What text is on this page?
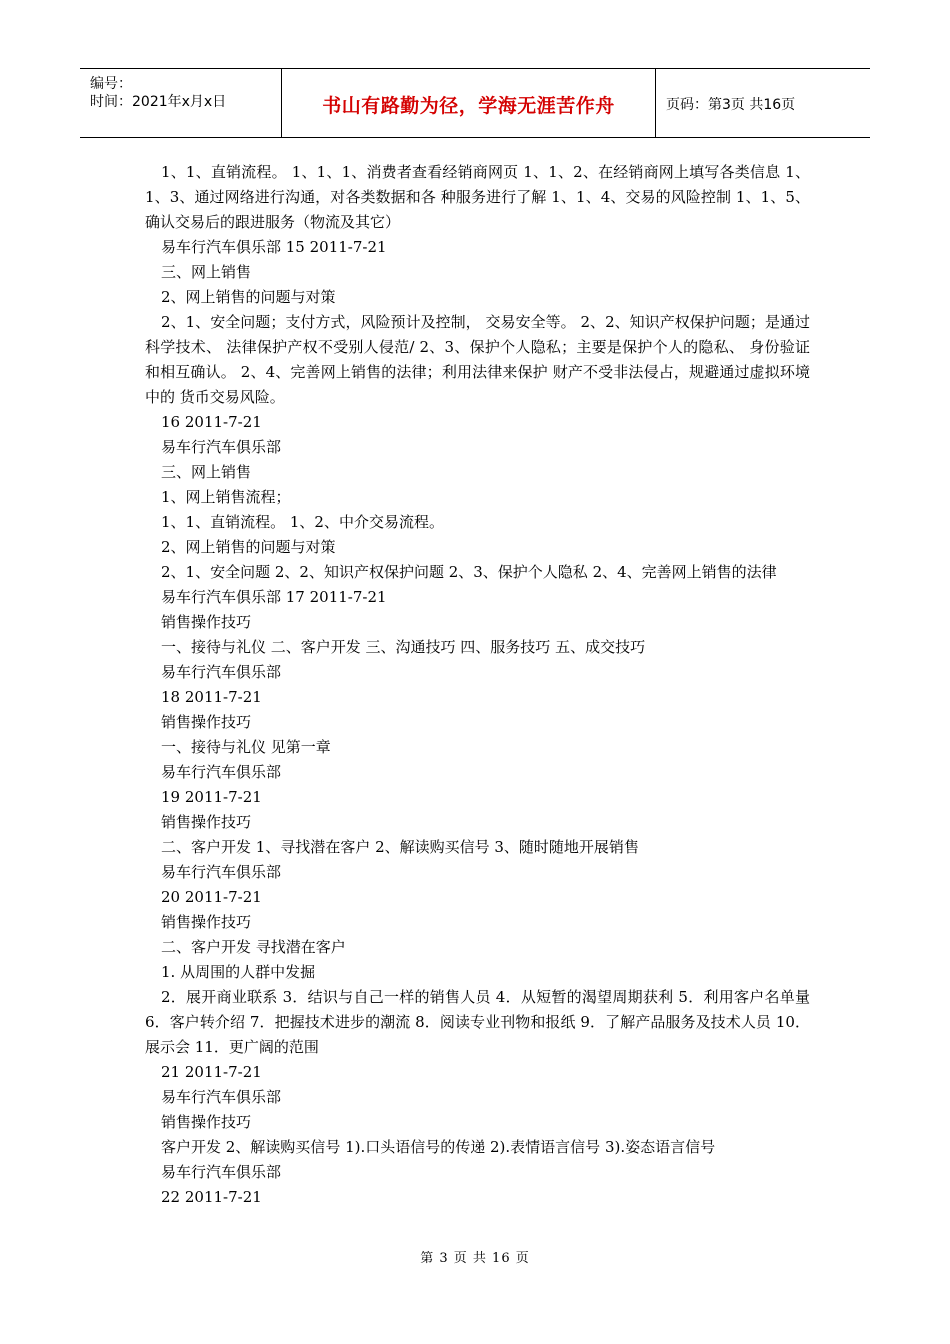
编号：
时间：2021年x月x日	书山有路勤为径，学海无涯苦作舟	页码：第3页 共16页

1、1、直销流程。 1、1、1、消费者查看经销商网页 1、1、2、在经销商网上填写各类信息 1、1、3、通过网络进行沟通，对各类数据和各 种服务进行了解 1、1、4、交易的风险控制 1、1、5、确认交易后的跟进服务（物流及其它）

易车行汽车俱乐部 15 2011-7-21

三、网上销售

2、网上销售的问题与对策

2、1、安全问题；支付方式，风险预计及控制， 交易安全等。 2、2、知识产权保护问题；是通过科学技术、 法律保护产权不受别人侵范/ 2、3、保护个人隐私；主要是保护个人的隐私、 身份验证和相互确认。 2、4、完善网上销售的法律；利用法律来保护 财产不受非法侵占，规避通过虚拟环境中的 货币交易风险。

16 2011-7-21

易车行汽车俱乐部

三、网上销售

1、网上销售流程；

1、1、直销流程。 1、2、中介交易流程。

2、网上销售的问题与对策

2、1、安全问题 2、2、知识产权保护问题 2、3、保护个人隐私 2、4、完善网上销售的法律

易车行汽车俱乐部 17 2011-7-21

销售操作技巧

一、接待与礼仪 二、客户开发 三、沟通技巧 四、服务技巧 五、成交技巧

易车行汽车俱乐部

18 2011-7-21

销售操作技巧

一、接待与礼仪 见第一章

易车行汽车俱乐部

19 2011-7-21

销售操作技巧

二、客户开发 1、寻找潜在客户 2、解读购买信号 3、随时随地开展销售

易车行汽车俱乐部

20 2011-7-21

销售操作技巧

二、客户开发 寻找潜在客户

1. 从周围的人群中发掘

2．展开商业联系 3．结识与自己一样的销售人员 4．从短暂的渴望周期获利 5．利用客户名单量 6．客户转介绍 7．把握技术进步的潮流 8．阅读专业刊物和报纸 9．了解产品服务及技术人员 10．展示会 11．更广阔的范围

21 2011-7-21

易车行汽车俱乐部

销售操作技巧

客户开发 2、解读购买信号 1).口头语信号的传递 2).表情语言信号 3).姿态语言信号

易车行汽车俱乐部

22 2011-7-21

第 3 页 共 16 页
